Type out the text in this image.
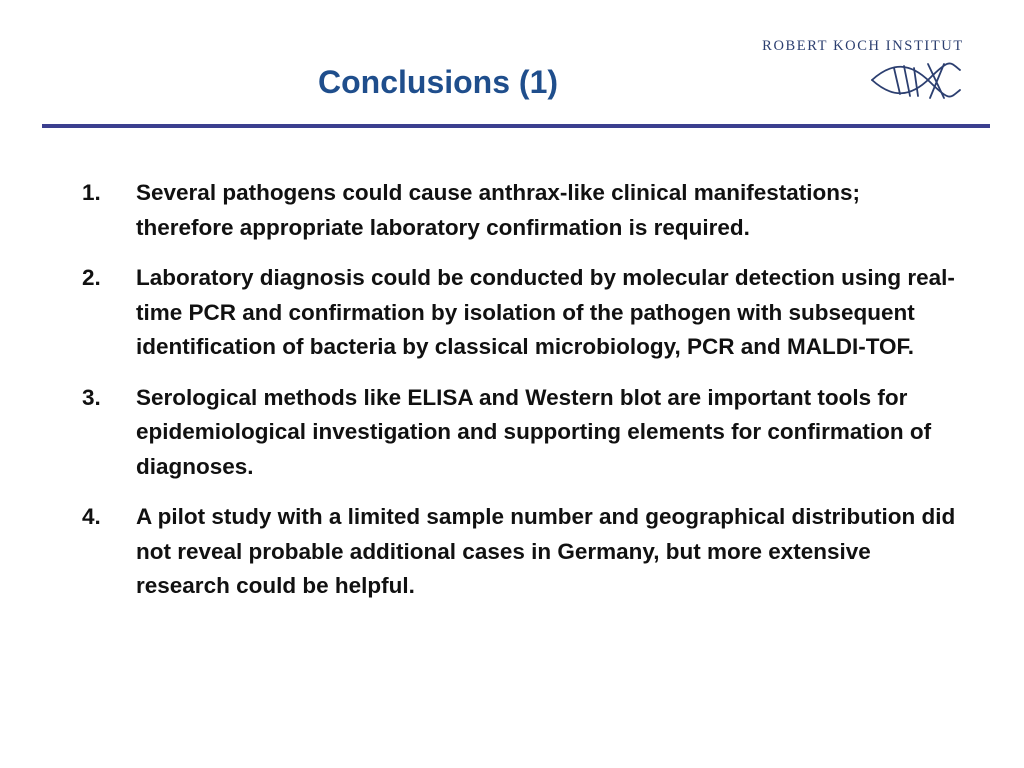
Conclusions (1)
ROBERT KOCH INSTITUT
1.	Several pathogens could cause anthrax-like clinical manifestations; therefore appropriate laboratory confirmation is required.
2.	Laboratory diagnosis could be conducted by molecular detection using real-time PCR and confirmation by isolation of the pathogen with subsequent identification of bacteria by classical microbiology, PCR and MALDI-TOF.
3.	Serological methods like ELISA and Western blot are important tools for epidemiological investigation and supporting elements for confirmation of diagnoses.
4.	A pilot study with a limited sample number and geographical distribution did not reveal probable additional cases in Germany, but more extensive research could be helpful.
